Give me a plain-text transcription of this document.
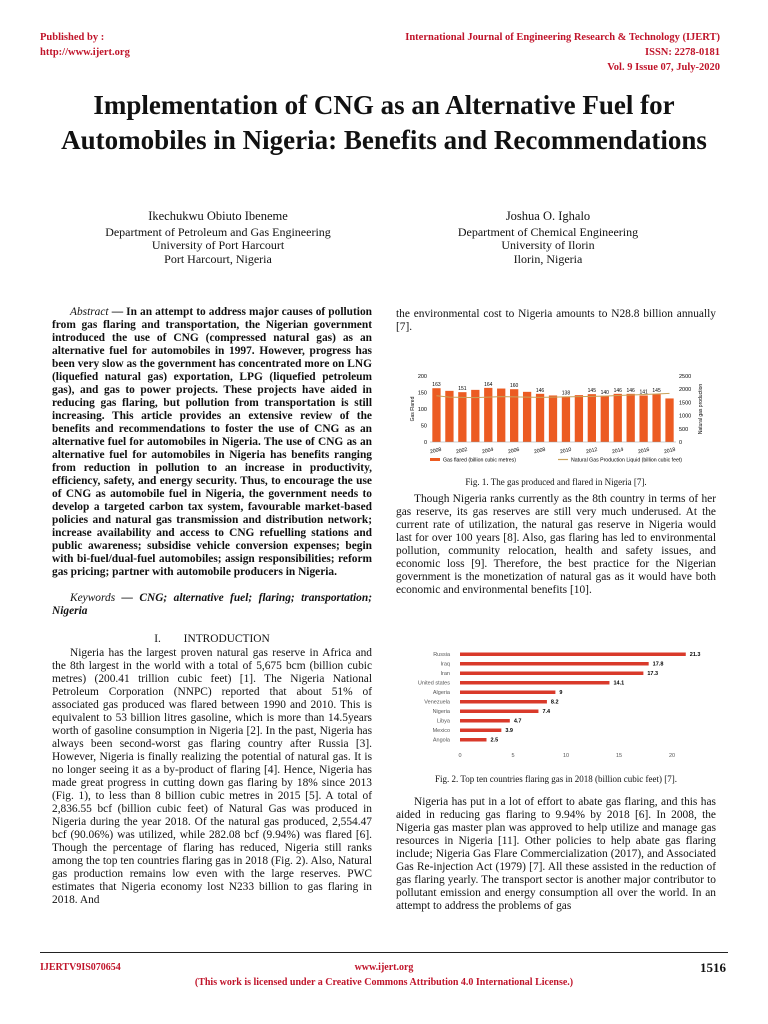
Published by :
http://www.ijert.org
International Journal of Engineering Research & Technology (IJERT)
ISSN: 2278-0181
Vol. 9 Issue 07, July-2020
Implementation of CNG as an Alternative Fuel for Automobiles in Nigeria: Benefits and Recommendations
Ikechukwu Obiuto Ibeneme
Department of Petroleum and Gas Engineering
University of Port Harcourt
Port Harcourt, Nigeria
Joshua O. Ighalo
Department of Chemical Engineering
University of Ilorin
Ilorin, Nigeria

Abstract — In an attempt to address major causes of pollution from gas flaring and transportation, the Nigerian government introduced the use of CNG (compressed natural gas) as an alternative fuel for automobiles in 1997. However, progress has been very slow as the government has concentrated more on LNG (liquefied natural gas) exportation, LPG (liquefied petroleum gas), and gas to power projects. These projects have aided in reducing gas flaring, but pollution from transportation is still increasing. This article provides an extensive review of the benefits and recommendations to foster the use of CNG as an alternative fuel for automobiles in Nigeria. The use of CNG as an alternative fuel for automobiles in Nigeria has benefits ranging from reduction in pollution to an increase in productivity, efficiency, safety, and energy security. Thus, to encourage the use of CNG as automobile fuel in Nigeria, the government needs to develop a targeted carbon tax system, favourable market-based policies and natural gas transmission and distribution network; increase availability and access to CNG refuelling stations and public awareness; subsidise vehicle conversion expenses; begin with bi-fuel/dual-fuel automobiles; assign responsibilities; reform gas pricing; partner with automobile producers in Nigeria.

Keywords — CNG; alternative fuel; flaring; transportation; Nigeria

I.  INTRODUCTION

Nigeria has the largest proven natural gas reserve in Africa and the 8th largest in the world with a total of 5,675 bcm (billion cubic metres) (200.41 trillion cubic feet) [1]. The Nigeria National Petroleum Corporation (NNPC) reported that about 51% of associated gas produced was flared between 1990 and 2010. This is equivalent to 53 billion litres gasoline, which is more than 14.5years worth of gasoline consumption in Nigeria [2]. In the past, Nigeria has always been second-worst gas flaring country after Russia [3]. However, Nigeria is finally realizing the potential of natural gas. It is no longer seeing it as a by-product of flaring [4]. Hence, Nigeria has made great progress in cutting down gas flaring by 18% since 2013 (Fig. 1), to less than 8 billion cubic metres in 2015 [5]. A total of 2,836.55 bcf (billion cubic feet) of Natural Gas was produced in Nigeria during the year 2018. Of the natural gas produced, 2,554.47 bcf (90.06%) was utilized, while 282.08 bcf (9.94%) was flared [6]. Though the percentage of flaring has reduced, Nigeria still ranks among the top ten countries flaring gas in 2018 (Fig. 2). Also, Natural gas production remains low even with the large reserves. PWC estimates that Nigeria economy lost N233 billion to gas flaring in 2018. And

the environmental cost to Nigeria amounts to N28.8 billion annually [7].
Gas Flared	Natural gas production
0
50
100
150
200
0
500
1000
1500
2000
2500
163
151
164	160
146	138	145 140 146 146 141 145
2008	2002	2004	2006	2008	2010	2012	2014	2016	2018
Gas flared (billion cubic metres)	Natural Gas Production Liquid (billion cubic feet)
Fig. 1. The gas produced and flared in Nigeria [7].

Though Nigeria ranks currently as the 8th country in terms of her gas reserve, its gas reserves are still very much underused. At the current rate of utilization, the natural gas reserve in Nigeria would last for over 100 years [8]. Also, gas flaring has led to environmental pollution, community relocation, health and safety issues, and economic loss [9]. Therefore, the best practice for the Nigerian government is the monetization of natural gas as it would have both economic and environmental benefits [10].

Russia	21.3
Iraq	17.8
Iran	17.3
United states	14.1
Algeria	9
Venezuela	8.2
Nigeria	7.4
Libya	4.7
Mexico	3.9
Angola	2.5
0	5	10	15	20
Fig. 2. Top ten countries flaring gas in 2018 (billion cubic feet) [7].

Nigeria has put in a lot of effort to abate gas flaring, and this has aided in reducing gas flaring to 9.94% by 2018 [6]. In 2008, the Nigeria gas master plan was approved to help utilize and manage gas resources in Nigeria [11]. Other policies to help abate gas flaring include; Nigeria Gas Flare Commercialization (2017), and Associated Gas Re-injection Act (1979) [7]. All these assisted in the reduction of gas flaring yearly. The transport sector is another major contributor to pollutant emission and energy consumption all over the world. In an attempt to address the problems of gas

IJERTV9IS070654	www.ijert.org	1516
(This work is licensed under a Creative Commons Attribution 4.0 International License.)
